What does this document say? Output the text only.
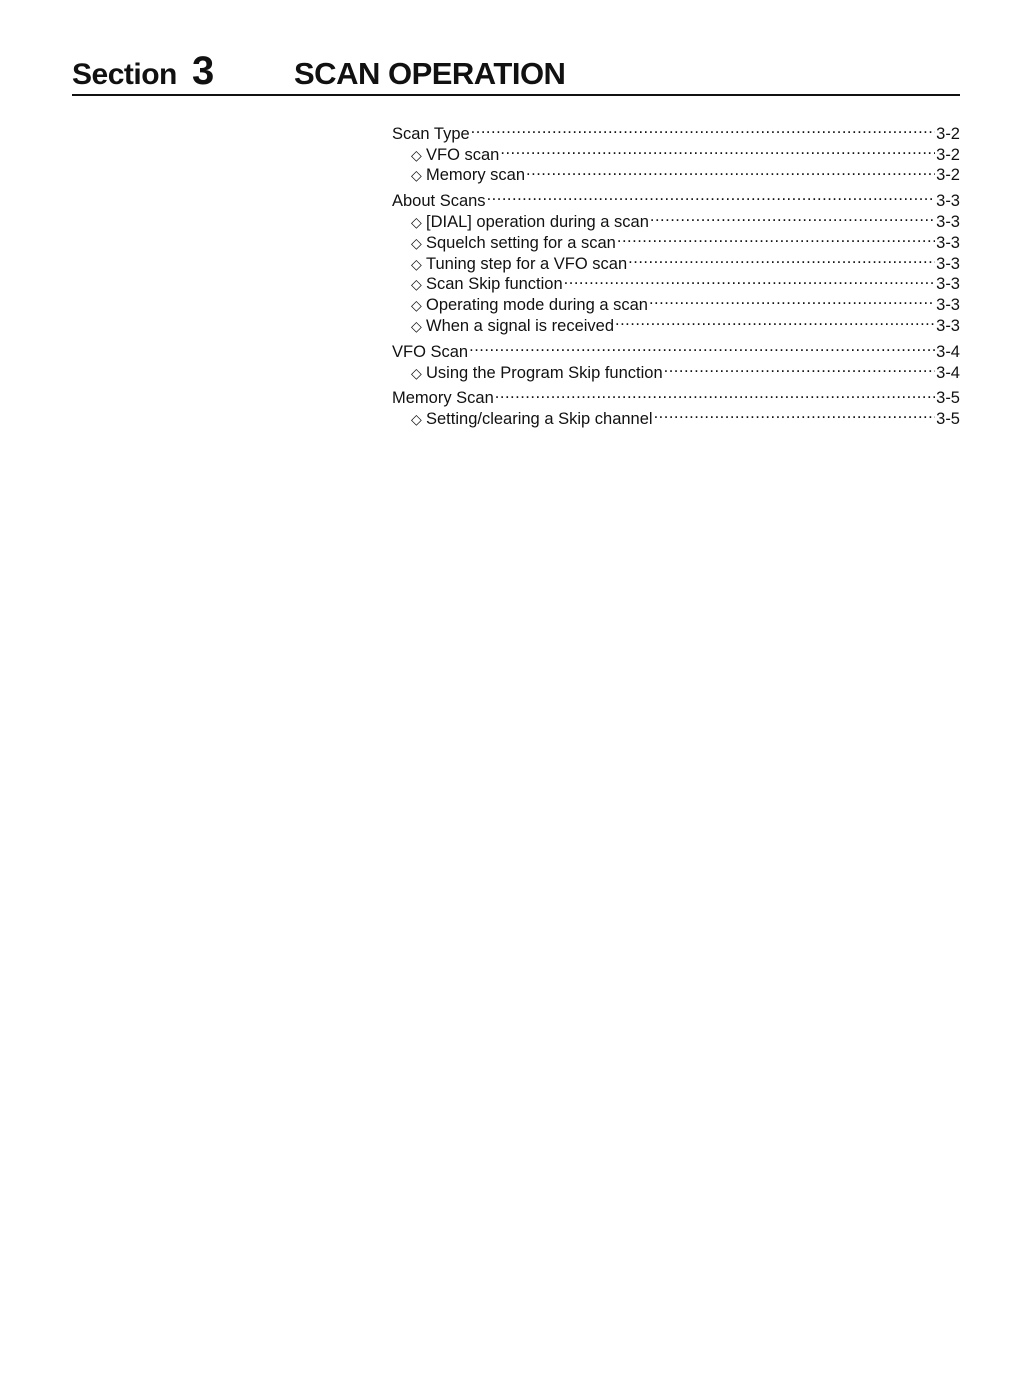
Section 3	SCAN OPERATION
Scan Type .....	3-2
◇ VFO scan .....	3-2
◇ Memory scan .....	3-2
About Scans .....	3-3
◇ [DIAL] operation during a scan .....	3-3
◇ Squelch setting for a scan .....	3-3
◇ Tuning step for a VFO scan .....	3-3
◇ Scan Skip function .....	3-3
◇ Operating mode during a scan .....	3-3
◇ When a signal is received .....	3-3
VFO Scan .....	3-4
◇ Using the Program Skip function .....	3-4
Memory Scan .....	3-5
◇ Setting/clearing a Skip channel .....	3-5
